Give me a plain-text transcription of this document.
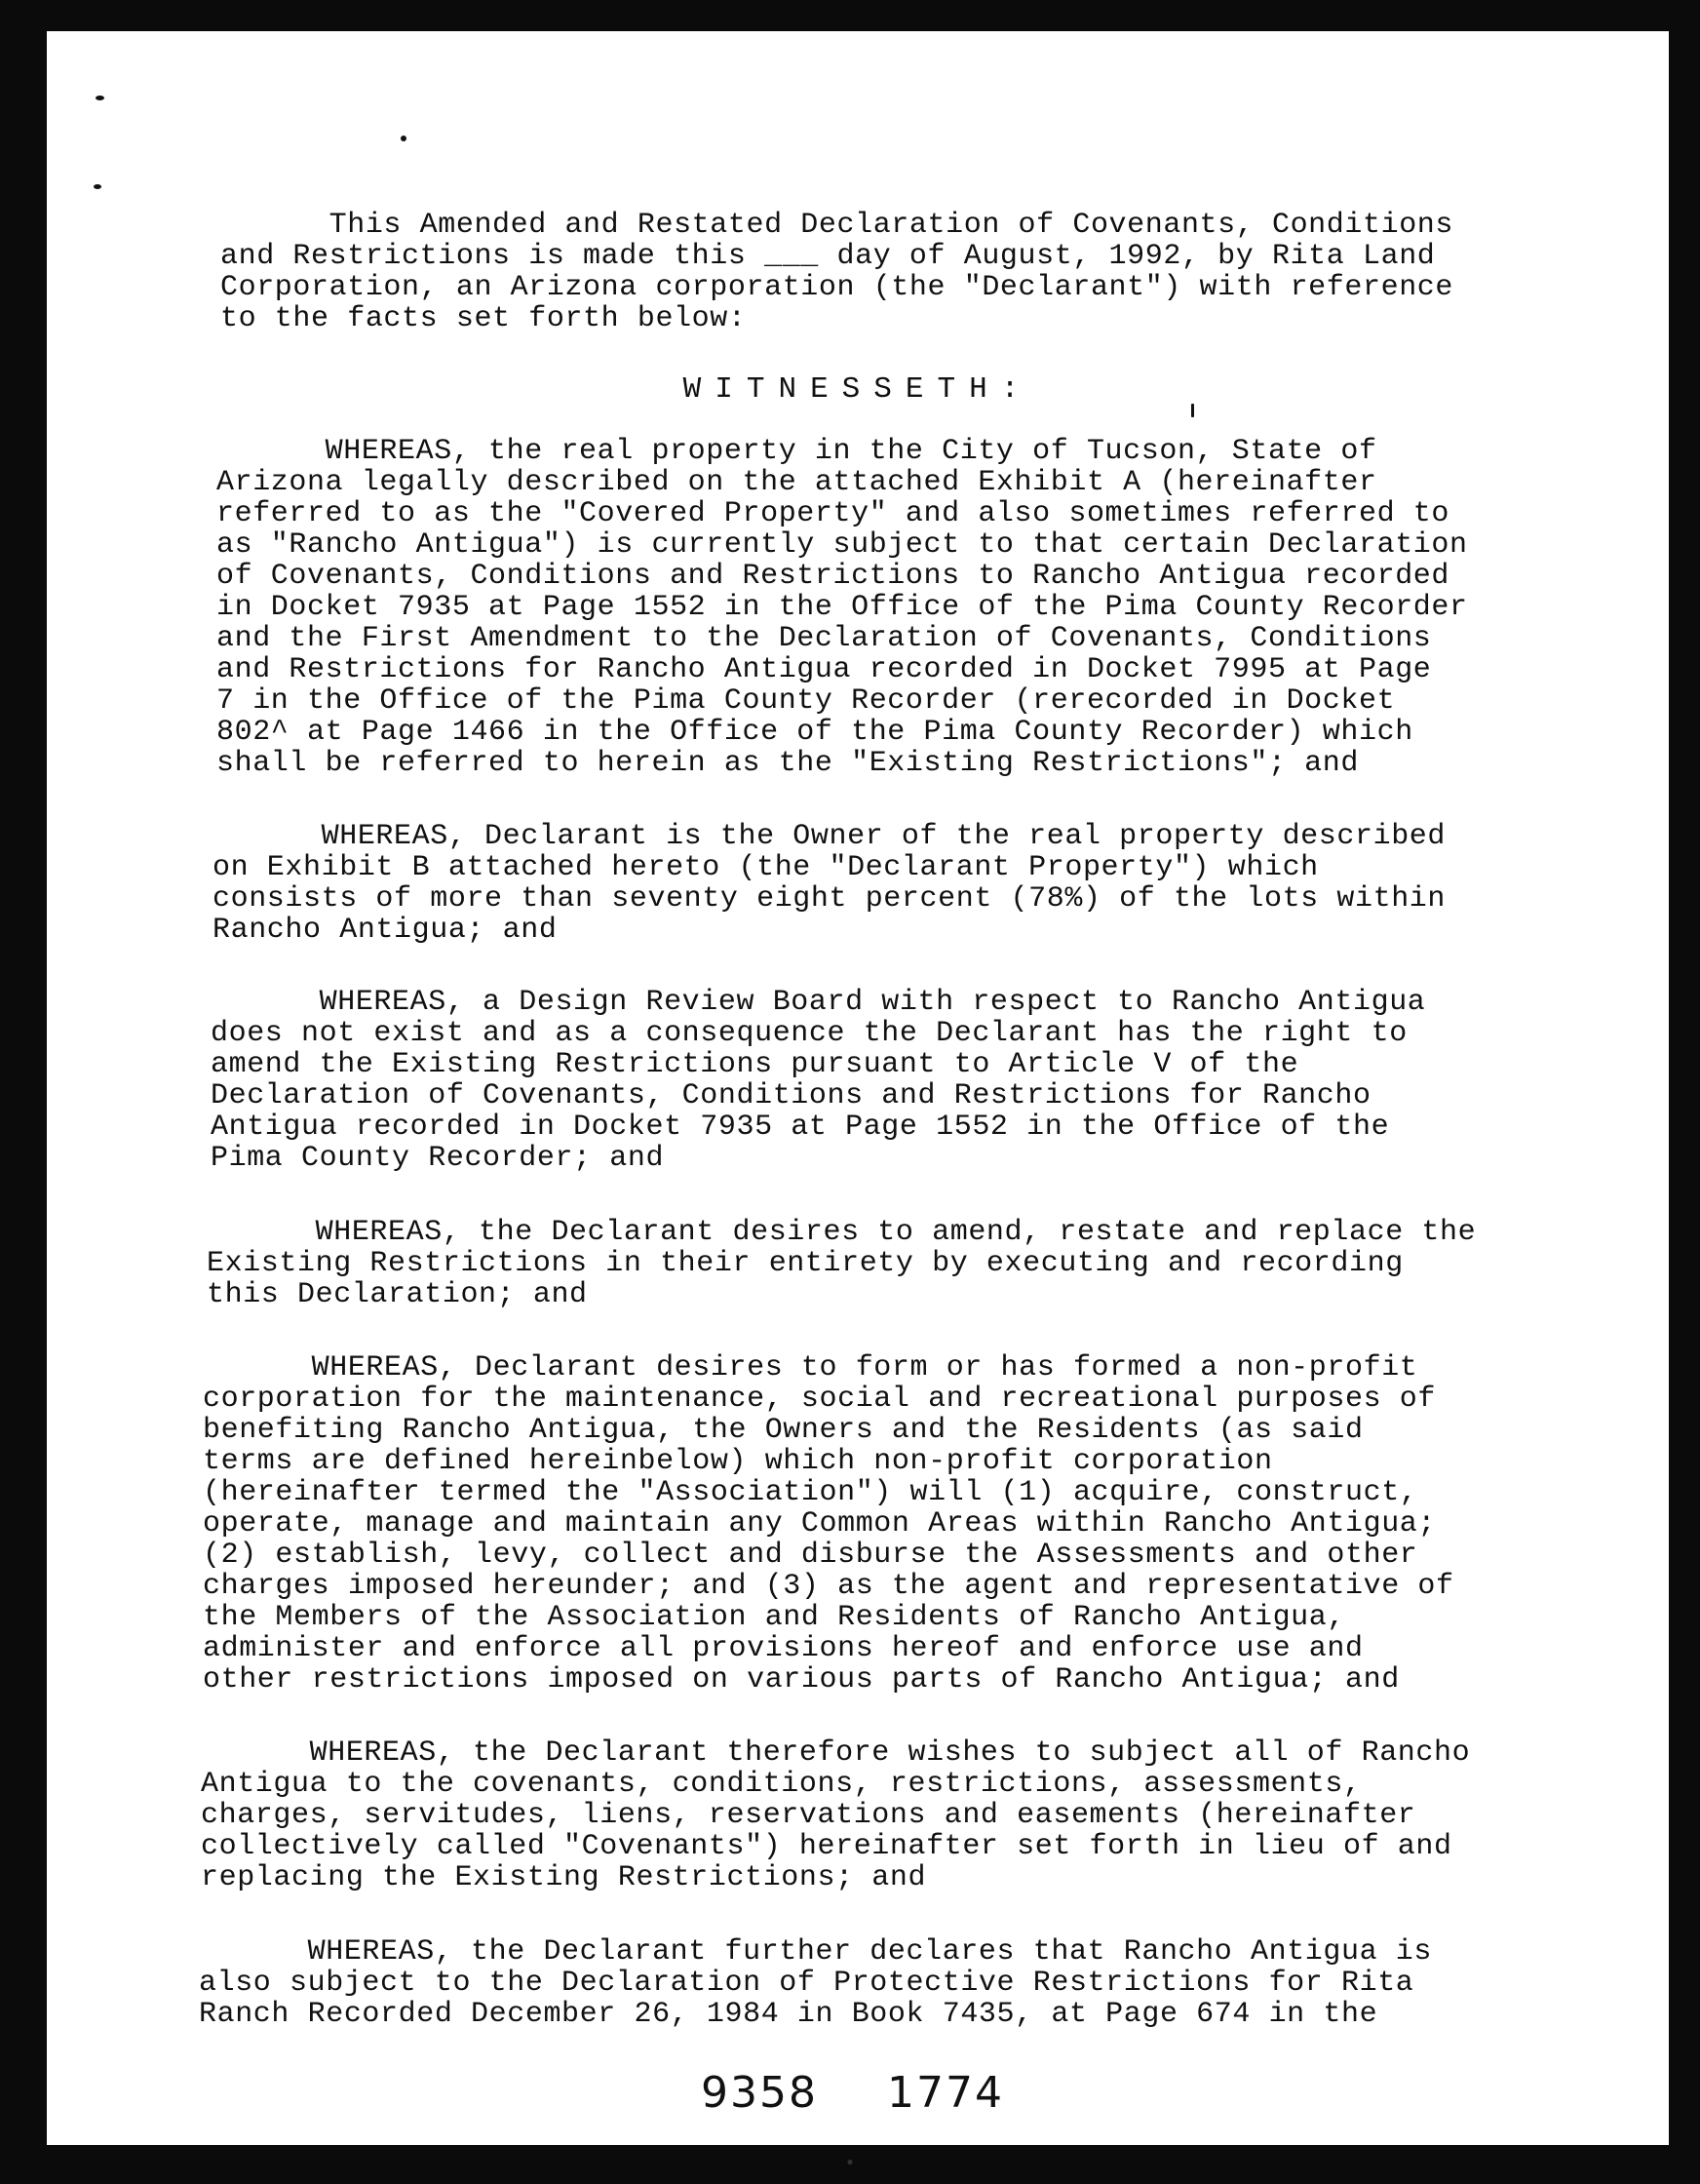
This Amended and Restated Declaration of Covenants, Conditions
and Restrictions is made this ___ day of August, 1992, by Rita Land
Corporation, an Arizona corporation (the "Declarant") with reference
to the facts set forth below:
WITNESSETH:
WHEREAS, the real property in the City of Tucson, State of
Arizona legally described on the attached Exhibit A (hereinafter
referred to as the "Covered Property" and also sometimes referred to
as "Rancho Antigua") is currently subject to that certain Declaration
of Covenants, Conditions and Restrictions to Rancho Antigua recorded
in Docket 7935 at Page 1552 in the Office of the Pima County Recorder
and the First Amendment to the Declaration of Covenants, Conditions
and Restrictions for Rancho Antigua recorded in Docket 7995 at Page
7 in the Office of the Pima County Recorder (rerecorded in Docket
802^ at Page 1466 in the Office of the Pima County Recorder) which
shall be referred to herein as the "Existing Restrictions"; and
WHEREAS, Declarant is the Owner of the real property described
on Exhibit B attached hereto (the "Declarant Property") which
consists of more than seventy eight percent (78%) of the lots within
Rancho Antigua; and
WHEREAS, a Design Review Board with respect to Rancho Antigua
does not exist and as a consequence the Declarant has the right to
amend the Existing Restrictions pursuant to Article V of the
Declaration of Covenants, Conditions and Restrictions for Rancho
Antigua recorded in Docket 7935 at Page 1552 in the Office of the
Pima County Recorder; and
WHEREAS, the Declarant desires to amend, restate and replace the
Existing Restrictions in their entirety by executing and recording
this Declaration; and
WHEREAS, Declarant desires to form or has formed a non-profit
corporation for the maintenance, social and recreational purposes of
benefiting Rancho Antigua, the Owners and the Residents (as said
terms are defined hereinbelow) which non-profit corporation
(hereinafter termed the "Association") will (1) acquire, construct,
operate, manage and maintain any Common Areas within Rancho Antigua;
(2) establish, levy, collect and disburse the Assessments and other
charges imposed hereunder; and (3) as the agent and representative of
the Members of the Association and Residents of Rancho Antigua,
administer and enforce all provisions hereof and enforce use and
other restrictions imposed on various parts of Rancho Antigua; and
WHEREAS, the Declarant therefore wishes to subject all of Rancho
Antigua to the covenants, conditions, restrictions, assessments,
charges, servitudes, liens, reservations and easements (hereinafter
collectively called "Covenants") hereinafter set forth in lieu of and
replacing the Existing Restrictions; and
WHEREAS, the Declarant further declares that Rancho Antigua is
also subject to the Declaration of Protective Restrictions for Rita
Ranch Recorded December 26, 1984 in Book 7435, at Page 674 in the
9358 1774
